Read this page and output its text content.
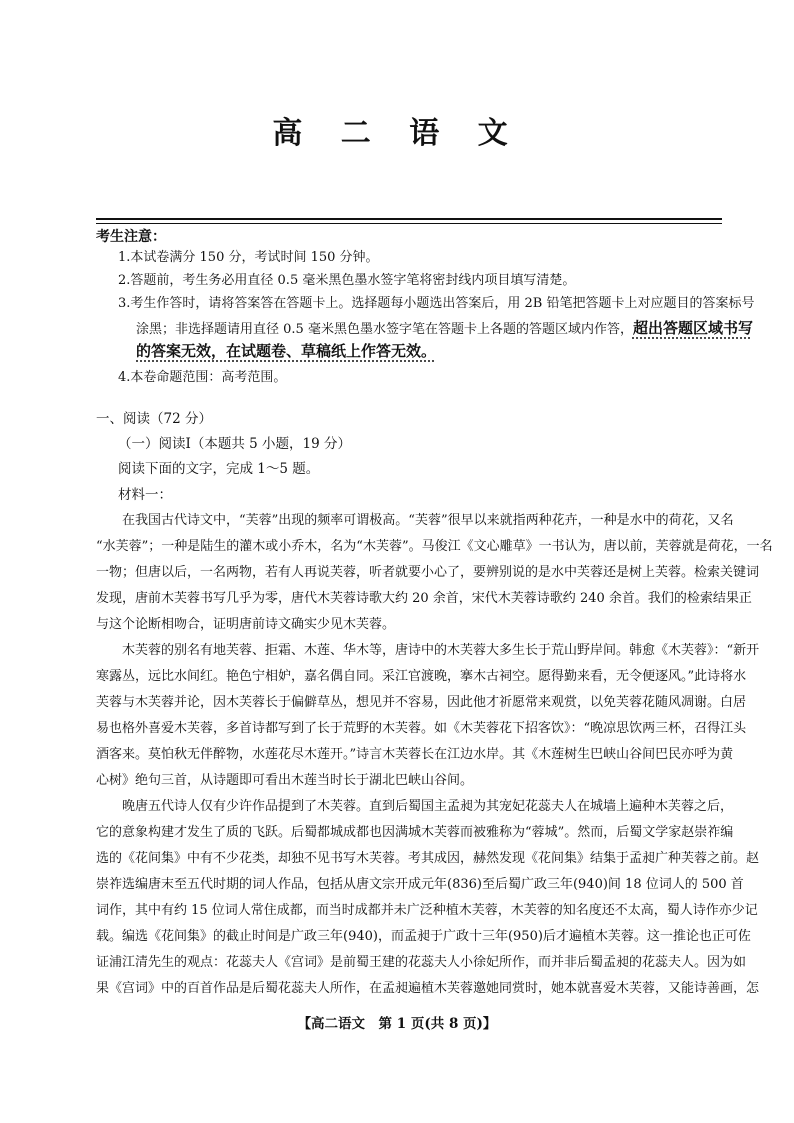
高 二 语 文
考生注意：
1.本试卷满分 150 分，考试时间 150 分钟。
2.答题前，考生务必用直径 0.5 毫米黑色墨水签字笔将密封线内项目填写清楚。
3.考生作答时，请将答案答在答题卡上。选择题每小题选出答案后，用 2B 铅笔把答题卡上对应题目的答案标号
涂黑；非选择题请用直径 0.5 毫米黑色墨水签字笔在答题卡上各题的答题区域内作答，超出答题区域书写
的答案无效，在试题卷、草稿纸上作答无效。
4.本卷命题范围：高考范围。
一、阅读（72 分）
（一）阅读Ⅰ（本题共 5 小题，19 分）
阅读下面的文字，完成 1～5 题。
材料一：
在我国古代诗文中，“芙蓉”出现的频率可谓极高。“芙蓉”很早以来就指两种花卉，一种是水中的荷花，又名
“水芙蓉”；一种是陆生的灌木或小乔木，名为“木芙蓉”。马俊江《文心雕草》一书认为，唐以前，芙蓉就是荷花，一名
一物；但唐以后，一名两物，若有人再说芙蓉，听者就要小心了，要辨别说的是水中芙蓉还是树上芙蓉。检索关键词
发现，唐前木芙蓉书写几乎为零，唐代木芙蓉诗歌大约 20 余首，宋代木芙蓉诗歌约 240 余首。我们的检索结果正
与这个论断相吻合，证明唐前诗文确实少见木芙蓉。
木芙蓉的别名有地芙蓉、拒霜、木莲、华木等，唐诗中的木芙蓉大多生长于荒山野岸间。韩愈《木芙蓉》：“新开
寒露丛，远比水间红。艳色宁相妒，嘉名偶自同。采江官渡晚，搴木古祠空。愿得勤来看，无令便逐风。”此诗将水
芙蓉与木芙蓉并论，因木芙蓉长于偏僻草丛，想见并不容易，因此他才祈愿常来观赏，以免芙蓉花随风凋谢。白居
易也格外喜爱木芙蓉，多首诗都写到了长于荒野的木芙蓉。如《木芙蓉花下招客饮》：“晚凉思饮两三杯，召得江头
酒客来。莫怕秋无伴醉物，水莲花尽木莲开。”诗言木芙蓉长在江边水岸。其《木莲树生巴峡山谷间巴民亦呼为黄
心树》绝句三首，从诗题即可看出木莲当时长于湖北巴峡山谷间。
晚唐五代诗人仅有少许作品提到了木芙蓉。直到后蜀国主孟昶为其宠妃花蕊夫人在城墙上遍种木芙蓉之后，
它的意象构建才发生了质的飞跃。后蜀都城成都也因满城木芙蓉而被雅称为“蓉城”。然而，后蜀文学家赵崇祚编
选的《花间集》中有不少花类，却独不见书写木芙蓉。考其成因，赫然发现《花间集》结集于孟昶广种芙蓉之前。赵
崇祚选编唐末至五代时期的词人作品，包括从唐文宗开成元年(836)至后蜀广政三年(940)间 18 位词人的 500 首
词作，其中有约 15 位词人常住成都，而当时成都并未广泛种植木芙蓉，木芙蓉的知名度还不太高，蜀人诗作亦少记
载。编选《花间集》的截止时间是广政三年(940)，而孟昶于广政十三年(950)后才遍植木芙蓉。这一推论也正可佐
证浦江清先生的观点：花蕊夫人《宫词》是前蜀王建的花蕊夫人小徐妃所作，而并非后蜀孟昶的花蕊夫人。因为如
果《宫词》中的百首作品是后蜀花蕊夫人所作，在孟昶遍植木芙蓉邀她同赏时，她本就喜爱木芙蓉，又能诗善画，怎
【高二语文　第 1 页(共 8 页)】
